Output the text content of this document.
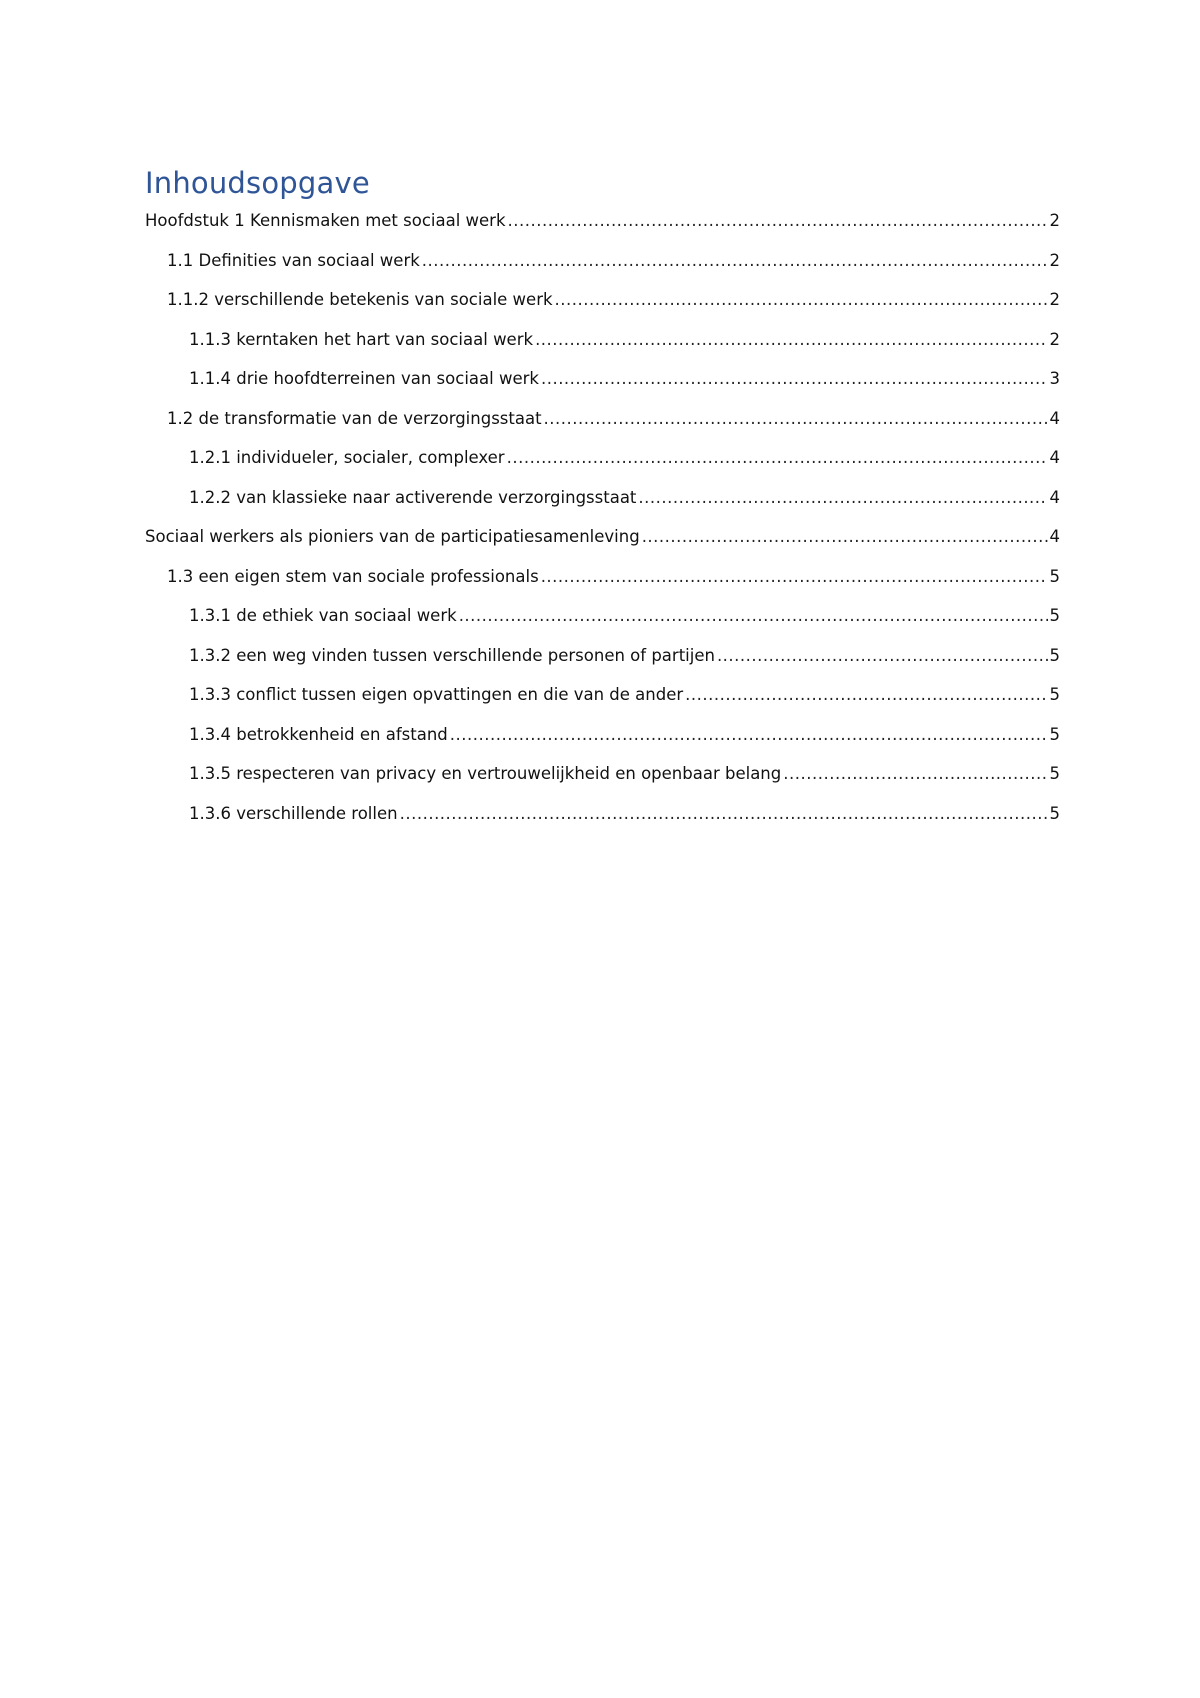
Inhoudsopgave
Hoofdstuk 1 Kennismaken met sociaal werk .....	2
1.1 Definities van sociaal werk .....	2
1.1.2 verschillende betekenis van sociale werk .....	2
1.1.3 kerntaken het hart van sociaal werk .....	2
1.1.4 drie hoofdterreinen van sociaal werk .....	3
1.2 de transformatie van de verzorgingsstaat .....	4
1.2.1 individueler, socialer, complexer .....	4
1.2.2 van klassieke naar activerende verzorgingsstaat .....	4
Sociaal werkers als pioniers van de participatiesamenleving .....	4
1.3 een eigen stem van sociale professionals .....	5
1.3.1 de ethiek van sociaal werk .....	5
1.3.2 een weg vinden tussen verschillende personen of partijen .....	5
1.3.3 conflict tussen eigen opvattingen en die van de ander .....	5
1.3.4 betrokkenheid en afstand .....	5
1.3.5 respecteren van privacy en vertrouwelijkheid en openbaar belang .....	5
1.3.6 verschillende rollen .....	5
